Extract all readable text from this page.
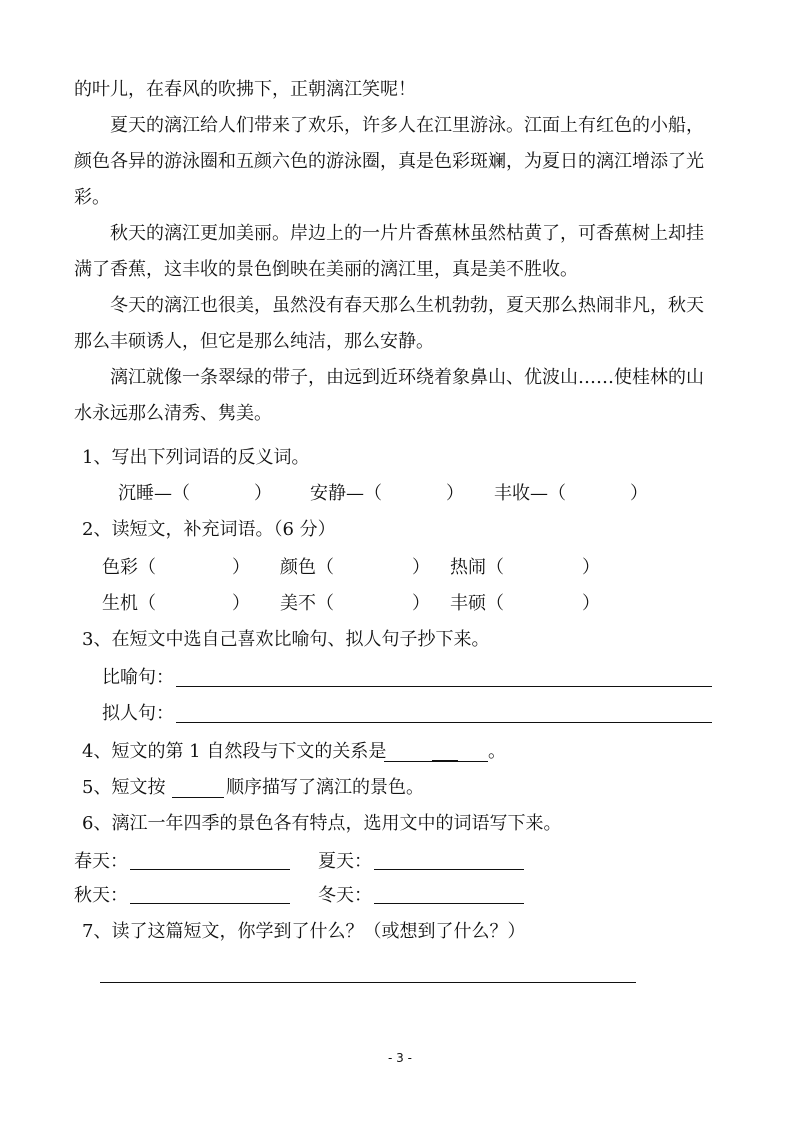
的叶儿，在春风的吹拂下，正朝漓江笑呢！
夏天的漓江给人们带来了欢乐，许多人在江里游泳。江面上有红色的小船，
颜色各异的游泳圈和五颜六色的游泳圈，真是色彩斑斓，为夏日的漓江增添了光
彩。
秋天的漓江更加美丽。岸边上的一片片香蕉林虽然枯黄了，可香蕉树上却挂
满了香蕉，这丰收的景色倒映在美丽的漓江里，真是美不胜收。
冬天的漓江也很美，虽然没有春天那么生机勃勃，夏天那么热闹非凡，秋天
那么丰硕诱人，但它是那么纯洁，那么安静。
漓江就像一条翠绿的带子，由远到近环绕着象鼻山、优波山……使桂林的山
水永远那么清秀、隽美。
1、写出下列词语的反义词。
沉睡—（	） 安静—（	） 丰收—（	）
2、读短文，补充词语。（6 分）
色彩（	） 颜色（	） 热闹（	）
生机（	） 美不（	） 丰硕（	）
3、在短文中选自己喜欢比喻句、拟人句子抄下来。
比喻句：
拟人句：
4、短文的第 1 自然段与下文的关系是	。
5、短文按	顺序描写了漓江的景色。
6、漓江一年四季的景色各有特点，选用文中的词语写下来。
春天：	夏天：
秋天：	冬天：
7、读了这篇短文，你学到了什么？（或想到了什么？）
- 3 -
